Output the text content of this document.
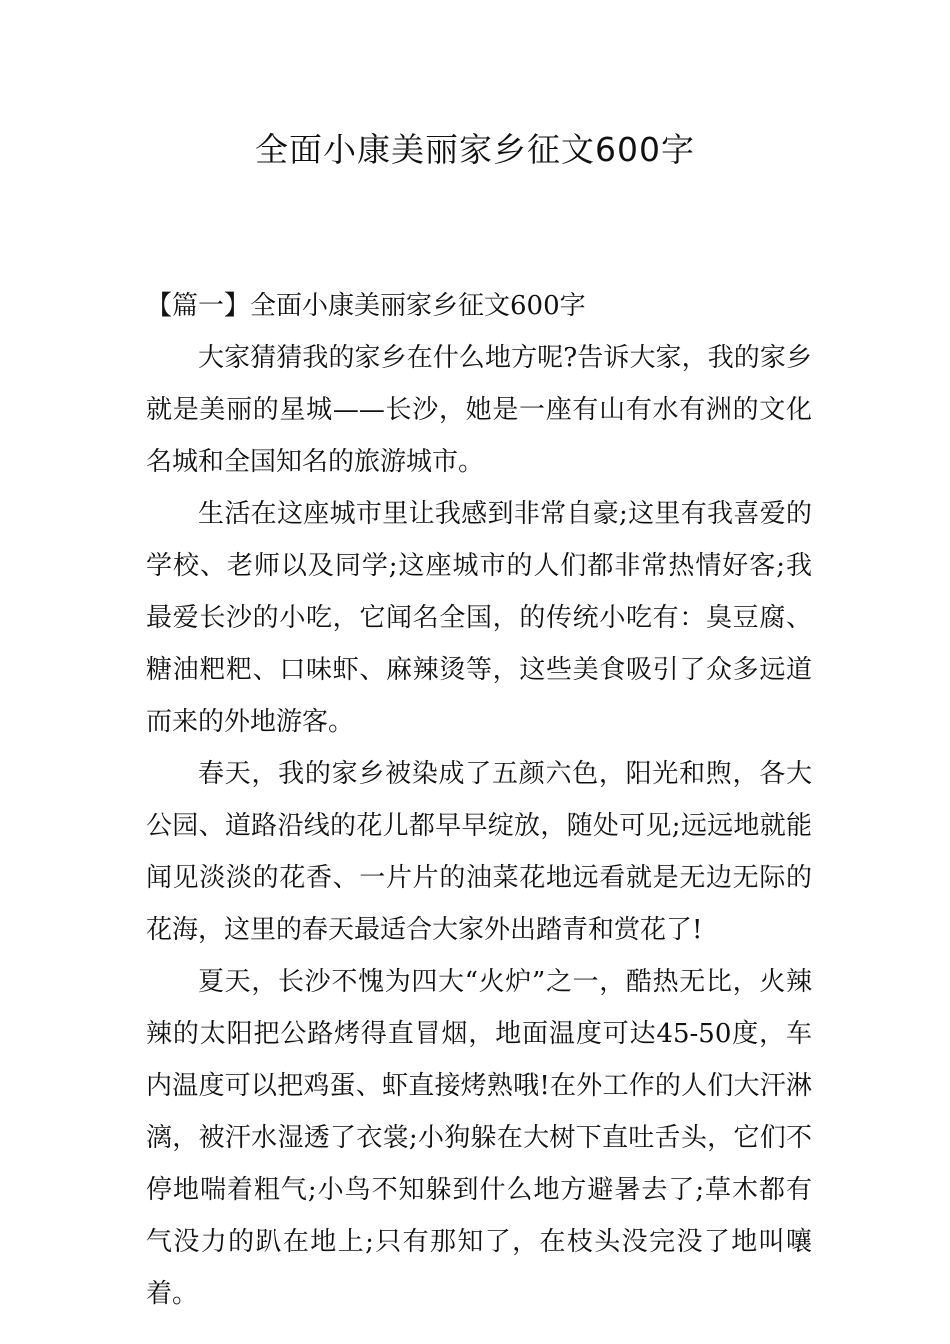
全面小康美丽家乡征文600字

【篇一】全面小康美丽家乡征文600字

大家猜猜我的家乡在什么地方呢?告诉大家，我的家乡就是美丽的星城——长沙，她是一座有山有水有洲的文化名城和全国知名的旅游城市。

生活在这座城市里让我感到非常自豪;这里有我喜爱的学校、老师以及同学;这座城市的人们都非常热情好客;我最爱长沙的小吃，它闻名全国，的传统小吃有：臭豆腐、糖油粑粑、口味虾、麻辣烫等，这些美食吸引了众多远道而来的外地游客。

春天，我的家乡被染成了五颜六色，阳光和煦，各大公园、道路沿线的花儿都早早绽放，随处可见;远远地就能闻见淡淡的花香、一片片的油菜花地远看就是无边无际的花海，这里的春天最适合大家外出踏青和赏花了!

夏天，长沙不愧为四大“火炉”之一，酷热无比，火辣辣的太阳把公路烤得直冒烟，地面温度可达45-50度，车内温度可以把鸡蛋、虾直接烤熟哦!在外工作的人们大汗淋漓，被汗水湿透了衣裳;小狗躲在大树下直吐舌头，它们不停地喘着粗气;小鸟不知躲到什么地方避暑去了;草木都有气没力的趴在地上;只有那知了，在枝头没完没了地叫嚷着。
